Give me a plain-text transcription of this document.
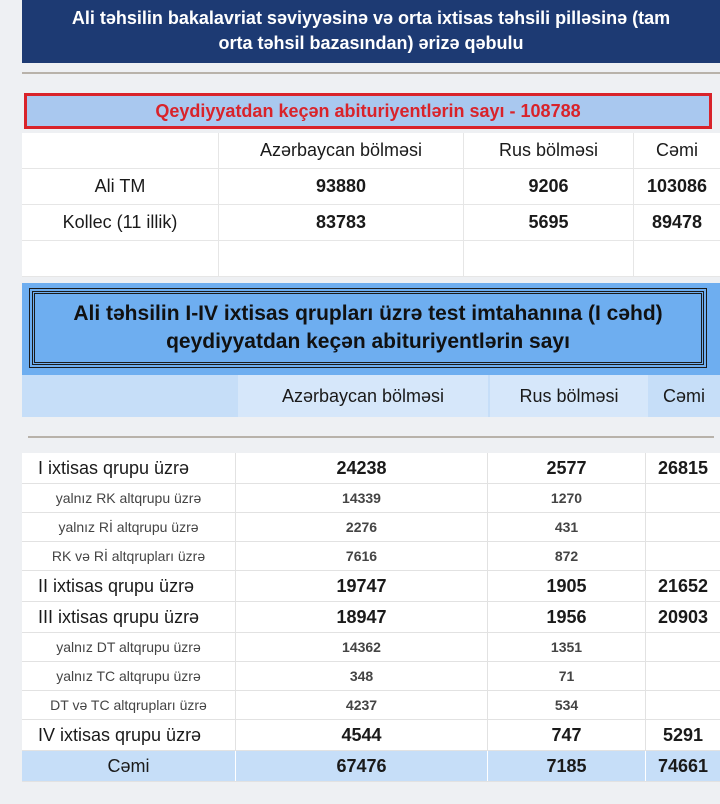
Ali təhsilin bakalavriat səviyyəsinə və orta ixtisas təhsili pilləsinə (tam
orta təhsil bazasından) ərizə qəbulu
Qeydiyyatdan keçən abituriyentlərin sayı - 108788
Azərbaycan bölməsi	Rus bölməsi	Cəmi
Ali TM	93880	9206	103086
Kollec (11 illik)	83783	5695	89478
Ali təhsilin I-IV ixtisas qrupları üzrə test imtahanına (I cəhd)
qeydiyyatdan keçən abituriyentlərin sayı
Azərbaycan bölməsi	Rus bölməsi	Cəmi
I ixtisas qrupu üzrə	24238	2577	26815
yalnız RK altqrupu üzrə	14339	1270
yalnız Rİ altqrupu üzrə	2276	431
RK və Rİ altqrupları üzrə	7616	872
II ixtisas qrupu üzrə	19747	1905	21652
III ixtisas qrupu üzrə	18947	1956	20903
yalnız DT altqrupu üzrə	14362	1351
yalnız TC altqrupu üzrə	348	71
DT və TC altqrupları üzrə	4237	534
IV ixtisas qrupu üzrə	4544	747	5291
Cəmi	67476	7185	74661
